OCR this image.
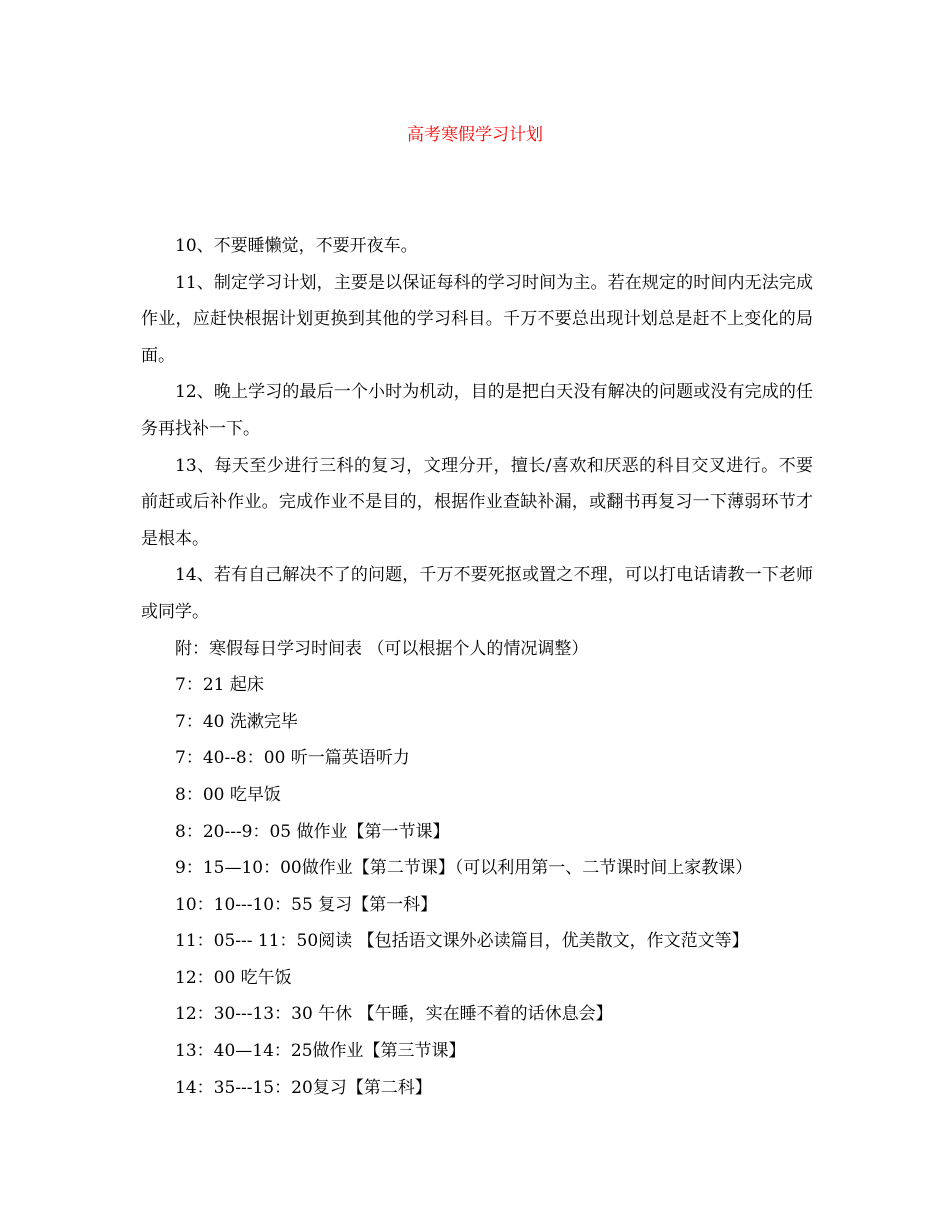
高考寒假学习计划

10、不要睡懒觉，不要开夜车。

11、制定学习计划，主要是以保证每科的学习时间为主。若在规定的时间内无法完成作业，应赶快根据计划更换到其他的学习科目。千万不要总出现计划总是赶不上变化的局面。

12、晚上学习的最后一个小时为机动，目的是把白天没有解决的问题或没有完成的任务再找补一下。

13、每天至少进行三科的复习，文理分开，擅长/喜欢和厌恶的科目交叉进行。不要前赶或后补作业。完成作业不是目的，根据作业查缺补漏，或翻书再复习一下薄弱环节才是根本。

14、若有自己解决不了的问题，千万不要死抠或置之不理，可以打电话请教一下老师或同学。

附：寒假每日学习时间表 （可以根据个人的情况调整）

7：21 起床

7：40 洗漱完毕

7：40--8：00 听一篇英语听力

8：00 吃早饭

8：20---9：05 做作业【第一节课】

9：15—10：00做作业【第二节课】（可以利用第一、二节课时间上家教课）

10：10---10：55 复习【第一科】

11：05--- 11：50阅读 【包括语文课外必读篇目，优美散文，作文范文等】

12：00 吃午饭

12：30---13：30 午休 【午睡，实在睡不着的话休息会】

13：40—14：25做作业【第三节课】

14：35---15：20复习【第二科】
